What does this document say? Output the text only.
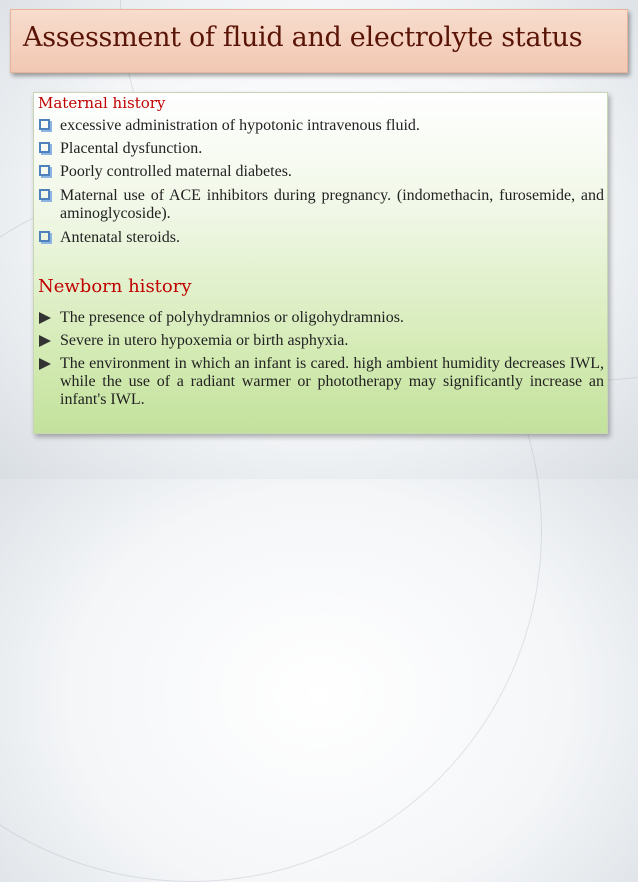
Assessment of fluid and electrolyte status
Maternal history
excessive administration of hypotonic intravenous fluid.
Placental dysfunction.
Poorly controlled maternal diabetes.
Maternal use of ACE inhibitors during pregnancy. (indomethacin, furosemide, and aminoglycoside).
Antenatal steroids.
Newborn history
The presence of polyhydramnios or oligohydramnios.
Severe in utero hypoxemia or birth asphyxia.
The environment in which an infant is cared. high ambient humidity decreases IWL, while the use of a radiant warmer or phototherapy may significantly increase an infant's IWL.
